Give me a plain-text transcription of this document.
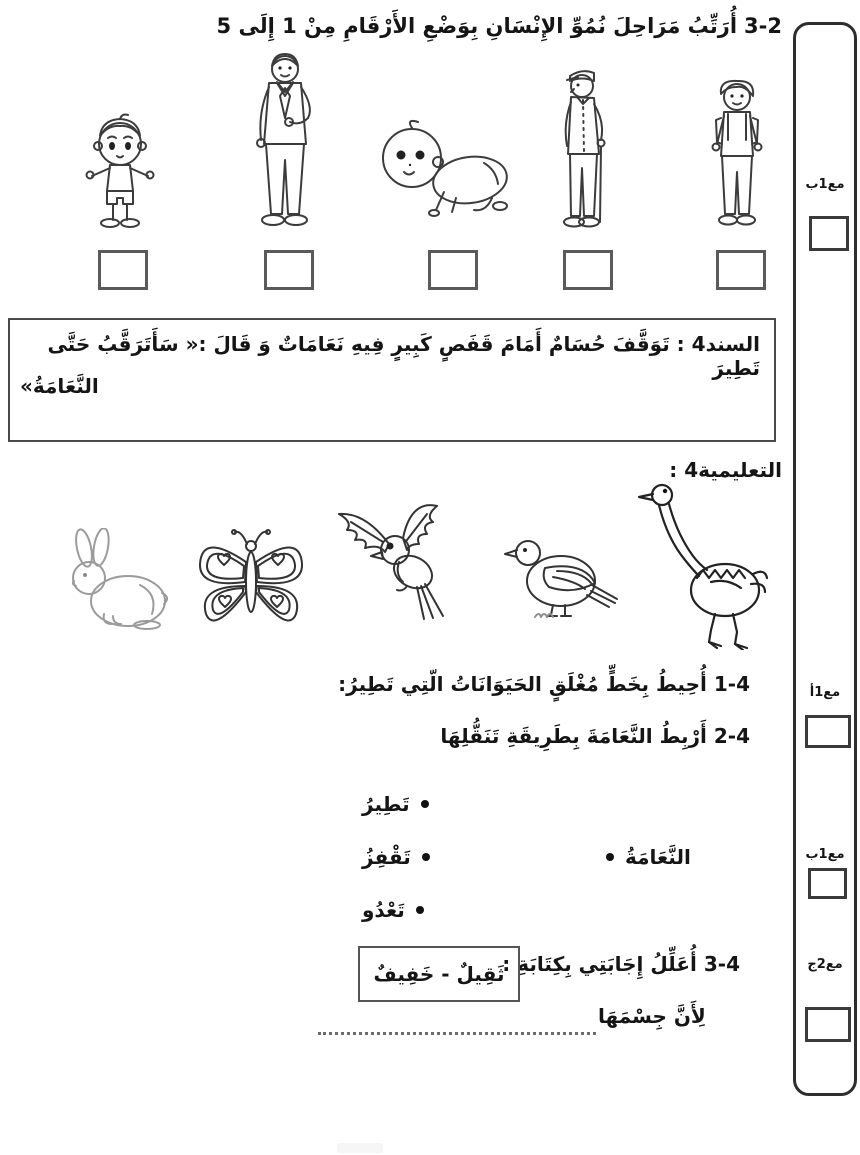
3-2
أُرَتِّبُ مَرَاحِلَ نُمُوِّ الإِنْسَانِ بِوَضْعِ الأَرْقَامِ مِنْ 1 إِلَى 5
السند4 : تَوَقَّفَ حُسَامٌ أَمَامَ قَفَصٍ كَبِيرٍ فِيهِ نَعَامَاتٌ وَ قَالَ :« سَأَتَرَقَّبُ حَتَّى تَطِيرَ
النَّعَامَةُ»
التعليمية4 :
1-4
أُحِيطُ بِخَطٍّ مُغْلَقٍ الحَيَوَانَاتُ الّتِي تَطِيرُ:
2-4
أَرْبِطُ النَّعَامَةَ بِطَرِيقَةِ تَنَقُّلِهَا
تَطِيرُ
تَقْفِزُ
تَعْدُو
النَّعَامَةُ
3-4
أُعَلِّلُ إِجَابَتِي بِكِتَابَةِ :
ثَقِيلٌ - خَفِيفٌ
لِأَنَّ جِسْمَهَا
مع1ب
مع1أ
مع1ب
مع2ج
